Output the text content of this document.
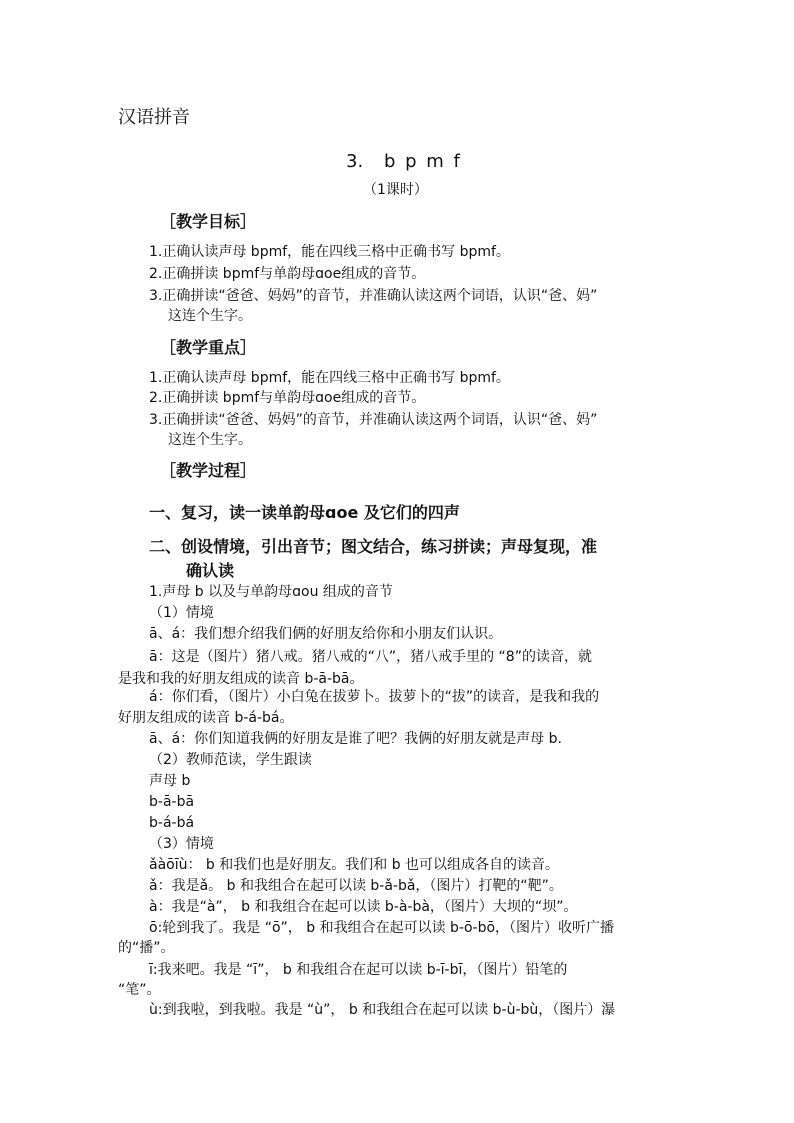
汉语拼音
3. b p m f
（1课时）
［教学目标］
1.正确认读声母 bpmf，能在四线三格中正确书写 bpmf。
2.正确拼读 bpmf与单韵母ɑoe组成的音节。
3.正确拼读“爸爸、妈妈”的音节，并准确认读这两个词语，认识“爸、妈”
这连个生字。
［教学重点］
1.正确认读声母 bpmf，能在四线三格中正确书写 bpmf。
2.正确拼读 bpmf与单韵母ɑoe组成的音节。
3.正确拼读“爸爸、妈妈”的音节，并准确认读这两个词语，认识“爸、妈”
这连个生字。
［教学过程］
一、复习，读一读单韵母ɑoe 及它们的四声
二、创设情境，引出音节；图文结合，练习拼读；声母复现，准
确认读
1.声母 b 以及与单韵母ɑou 组成的音节
（1）情境
ā、á：我们想介绍我们俩的好朋友给你和小朋友们认识。
ā：这是（图片）猪八戒。猪八戒的“八”，猪八戒手里的 “8”的读音，就
是我和我的好朋友组成的读音 b-ā-bā。
á：你们看，（图片）小白兔在拔萝卜。拔萝卜的“拔”的读音，是我和我的
好朋友组成的读音 b-á-bá。
ā、á：你们知道我俩的好朋友是谁了吧？我俩的好朋友就是声母 b.
（2）教师范读，学生跟读
声母 b
b-ā-bā
b-á-bá
（3）情境
ǎàōīù： b 和我们也是好朋友。我们和 b 也可以组成各自的读音。
ǎ：我是ǎ。 b 和我组合在起可以读 b-ǎ-bǎ，（图片）打靶的“靶”。
à：我是“à”， b 和我组合在起可以读 b-à-bà，（图片）大坝的“坝”。
ō:轮到我了。我是 “ō”， b 和我组合在起可以读 b-ō-bō，（图片）收听广播
的“播”。
ī:我来吧。我是 “ī”， b 和我组合在起可以读 b-ī-bī，（图片）铅笔的
“笔”。
ù:到我啦，到我啦。我是 “ù”， b 和我组合在起可以读 b-ù-bù，（图片）瀑
